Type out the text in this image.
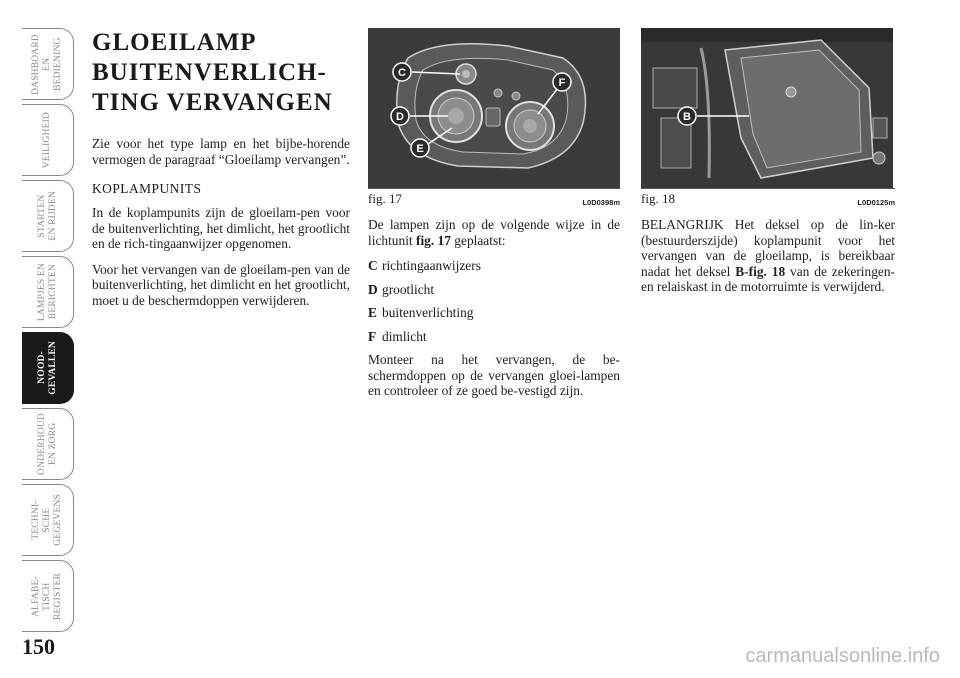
DASHBOARD
EN
BEDIENING
VEILIGHEID
STARTEN
EN RIJDEN
LAMPJES EN
BERICHTEN
NOOD-
GEVALLEN
ONDERHOUD
EN ZORG
TECHNI-
SCHE
GEGEVENS
ALFABE-
TISCH
REGISTER
150
GLOEILAMP BUITENVERLICH-TING VERVANGEN

Zie voor het type lamp en het bijbe-horende vermogen de paragraaf “Gloeilamp vervangen”.

KOPLAMPUNITS

In de koplampunits zijn de gloeilam-pen voor de buitenverlichting, het dimlicht, het grootlicht en de rich-tingaanwijzer opgenomen.

Voor het vervangen van de gloeilam-pen van de buitenverlichting, het dimlicht en het grootlicht, moet u de beschermdoppen verwijderen.

C
D
E
F
fig. 17	L0D0398m

De lampen zijn op de volgende wijze in de lichtunit fig. 17 geplaatst:

C richtingaanwijzers
D grootlicht
E buitenverlichting
F dimlicht

Monteer na het vervangen, de be-schermdoppen op de vervangen gloei-lampen en controleer of ze goed be-vestigd zijn.

B
fig. 18	L0D0125m

BELANGRIJK Het deksel op de lin-ker (bestuurderszijde) koplampunit voor het vervangen van de gloeilamp, is bereikbaar nadat het deksel B-fig. 18 van de zekeringen- en relaiskast in de motorruimte is verwijderd.

carmanualsonline.info
